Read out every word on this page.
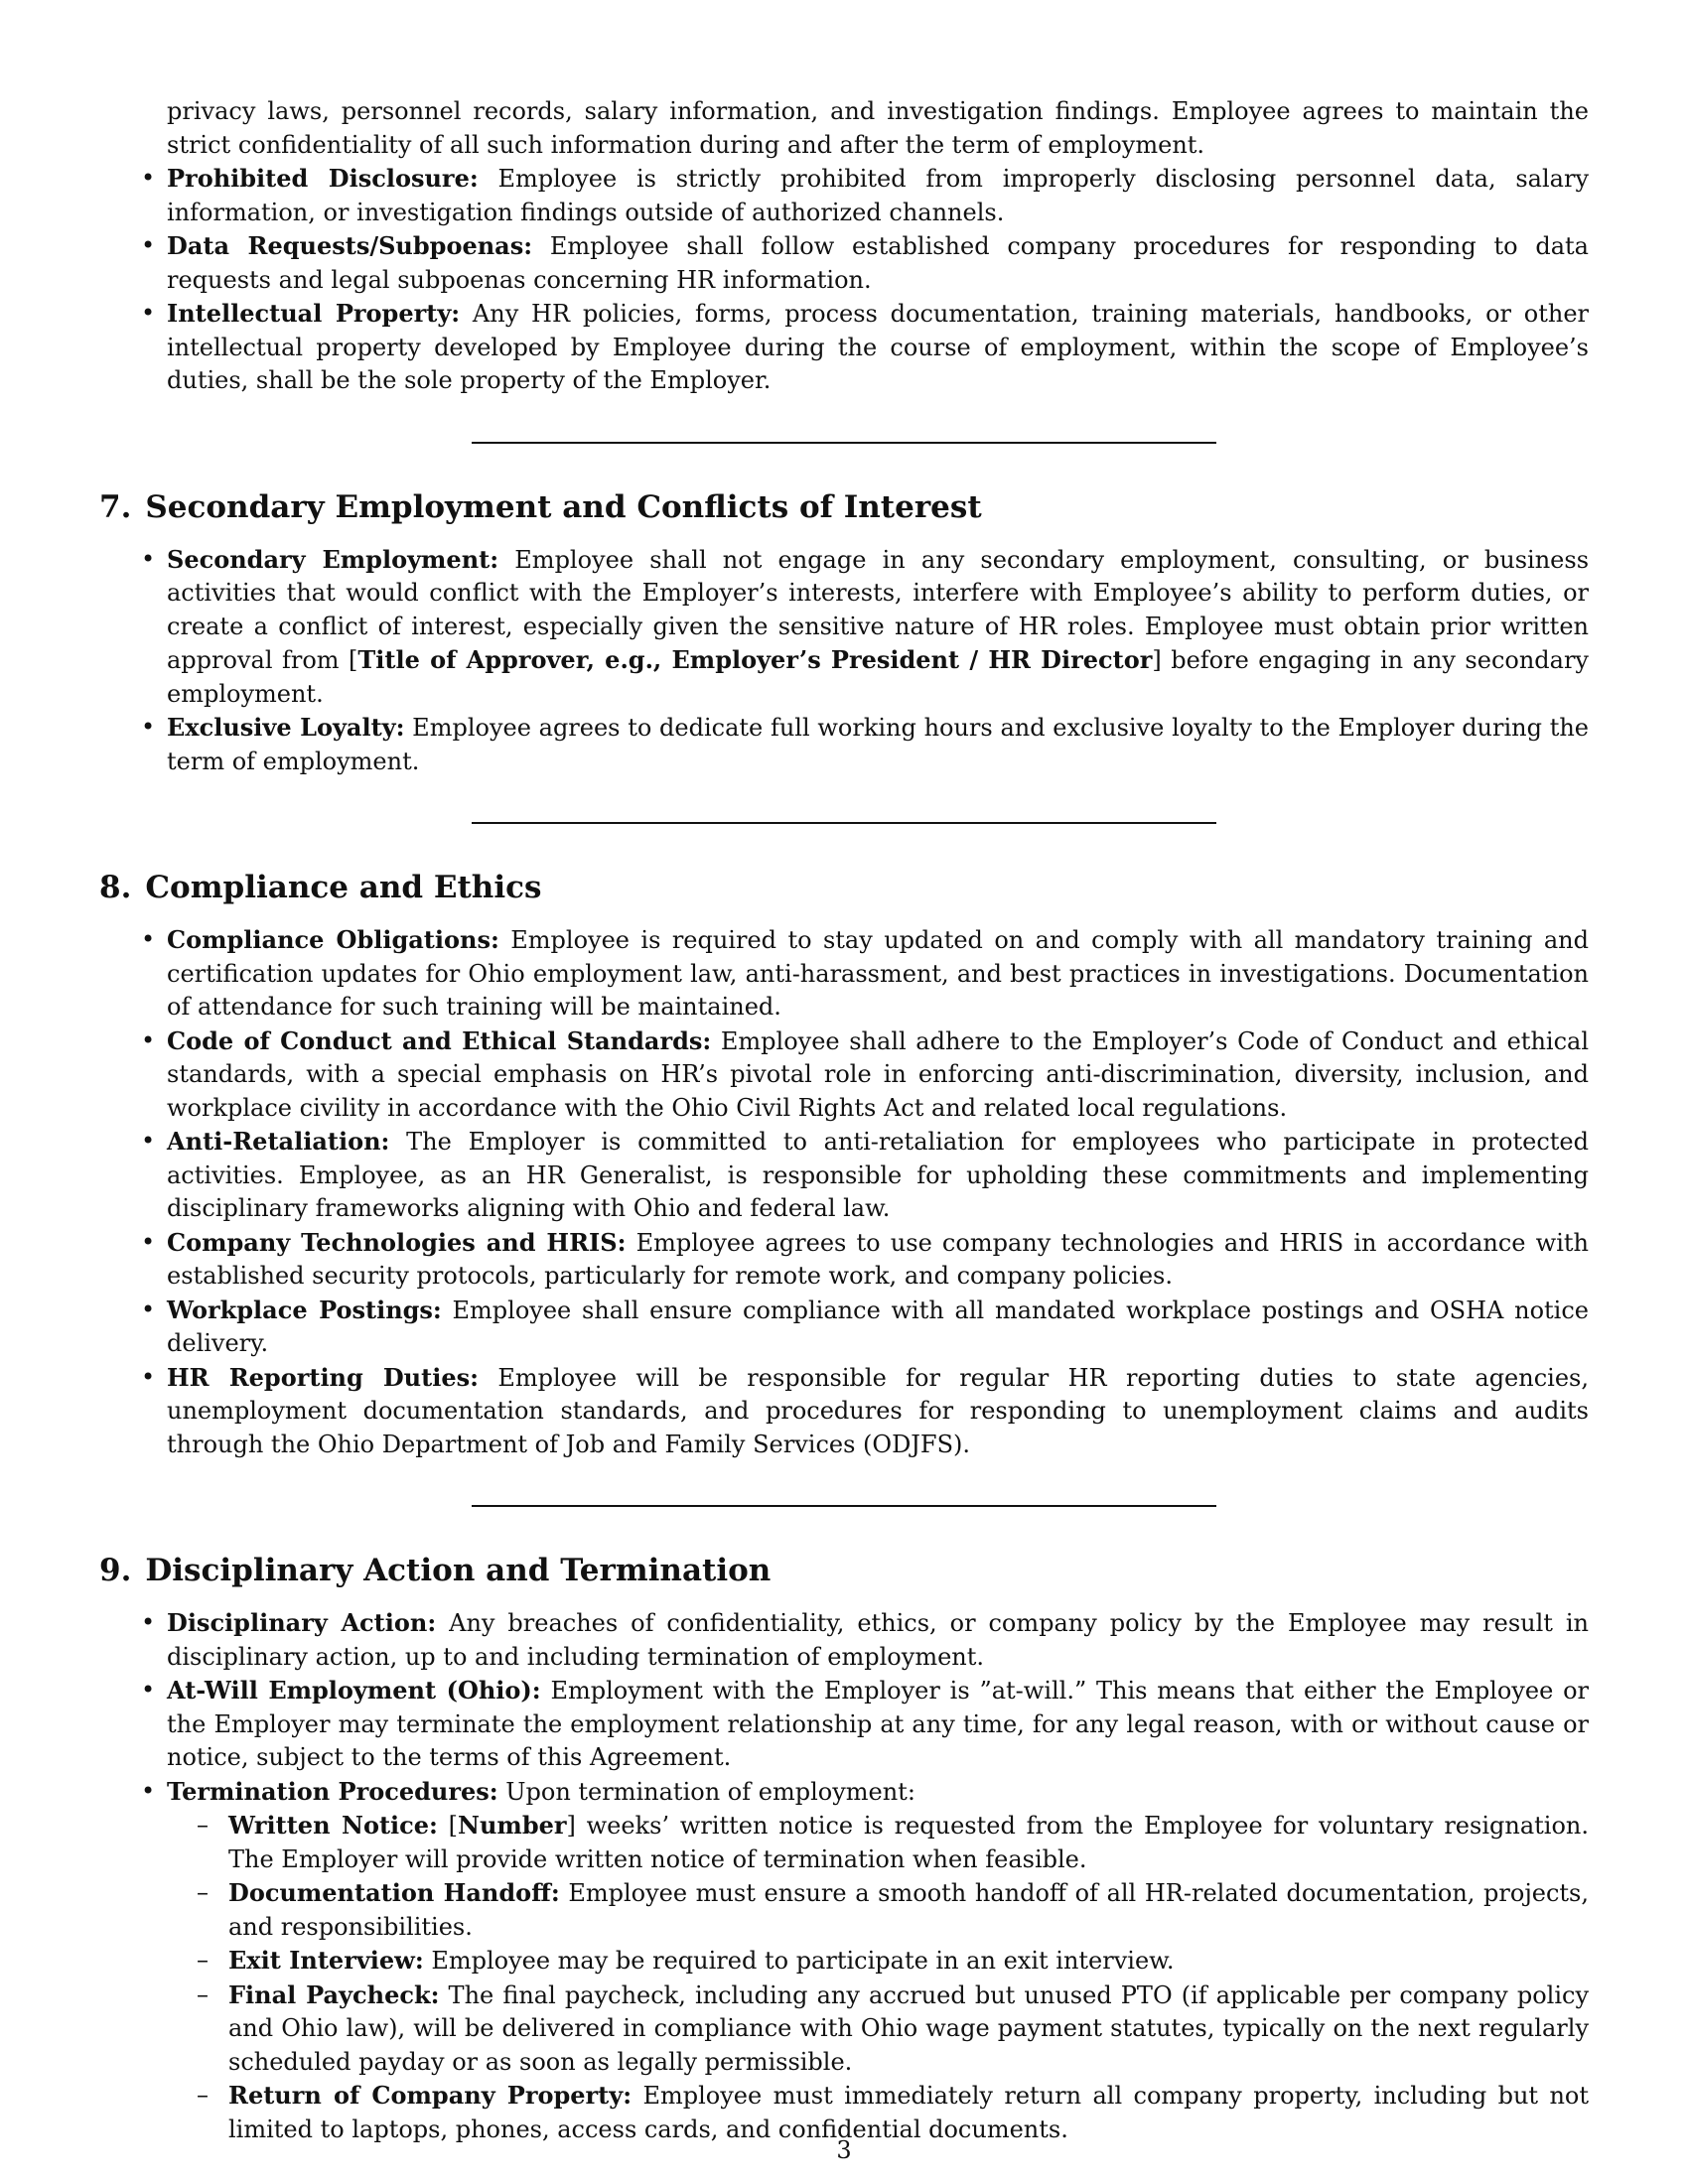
privacy laws, personnel records, salary information, and investigation findings. Employee agrees to maintain the strict confidentiality of all such information during and after the term of employment.
• Prohibited Disclosure: Employee is strictly prohibited from improperly disclosing personnel data, salary information, or investigation findings outside of authorized channels.
• Data Requests/Subpoenas: Employee shall follow established company procedures for responding to data requests and legal subpoenas concerning HR information.
• Intellectual Property: Any HR policies, forms, process documentation, training materials, handbooks, or other intellectual property developed by Employee during the course of employment, within the scope of Employee’s duties, shall be the sole property of the Employer.
7. Secondary Employment and Conflicts of Interest
• Secondary Employment: Employee shall not engage in any secondary employment, consulting, or business activities that would conflict with the Employer’s interests, interfere with Employee’s ability to perform duties, or create a conflict of interest, especially given the sensitive nature of HR roles. Employee must obtain prior written approval from [Title of Approver, e.g., Employer’s President / HR Director] before engaging in any secondary employment.
• Exclusive Loyalty: Employee agrees to dedicate full working hours and exclusive loyalty to the Employer during the term of employment.
8. Compliance and Ethics
• Compliance Obligations: Employee is required to stay updated on and comply with all mandatory training and certification updates for Ohio employment law, anti-harassment, and best practices in investigations. Documentation of attendance for such training will be maintained.
• Code of Conduct and Ethical Standards: Employee shall adhere to the Employer’s Code of Conduct and ethical standards, with a special emphasis on HR’s pivotal role in enforcing anti-discrimination, diversity, inclusion, and workplace civility in accordance with the Ohio Civil Rights Act and related local regulations.
• Anti-Retaliation: The Employer is committed to anti-retaliation for employees who participate in protected activities. Employee, as an HR Generalist, is responsible for upholding these commitments and implementing disciplinary frameworks aligning with Ohio and federal law.
• Company Technologies and HRIS: Employee agrees to use company technologies and HRIS in accordance with established security protocols, particularly for remote work, and company policies.
• Workplace Postings: Employee shall ensure compliance with all mandated workplace postings and OSHA notice delivery.
• HR Reporting Duties: Employee will be responsible for regular HR reporting duties to state agencies, unemployment documentation standards, and procedures for responding to unemployment claims and audits through the Ohio Department of Job and Family Services (ODJFS).
9. Disciplinary Action and Termination
• Disciplinary Action: Any breaches of confidentiality, ethics, or company policy by the Employee may result in disciplinary action, up to and including termination of employment.
• At-Will Employment (Ohio): Employment with the Employer is ”at-will.” This means that either the Employee or the Employer may terminate the employment relationship at any time, for any legal reason, with or without cause or notice, subject to the terms of this Agreement.
• Termination Procedures: Upon termination of employment:
– Written Notice: [Number] weeks’ written notice is requested from the Employee for voluntary resignation. The Employer will provide written notice of termination when feasible.
– Documentation Handoff: Employee must ensure a smooth handoff of all HR-related documentation, projects, and responsibilities.
– Exit Interview: Employee may be required to participate in an exit interview.
– Final Paycheck: The final paycheck, including any accrued but unused PTO (if applicable per company policy and Ohio law), will be delivered in compliance with Ohio wage payment statutes, typically on the next regularly scheduled payday or as soon as legally permissible.
– Return of Company Property: Employee must immediately return all company property, including but not limited to laptops, phones, access cards, and confidential documents.
3
